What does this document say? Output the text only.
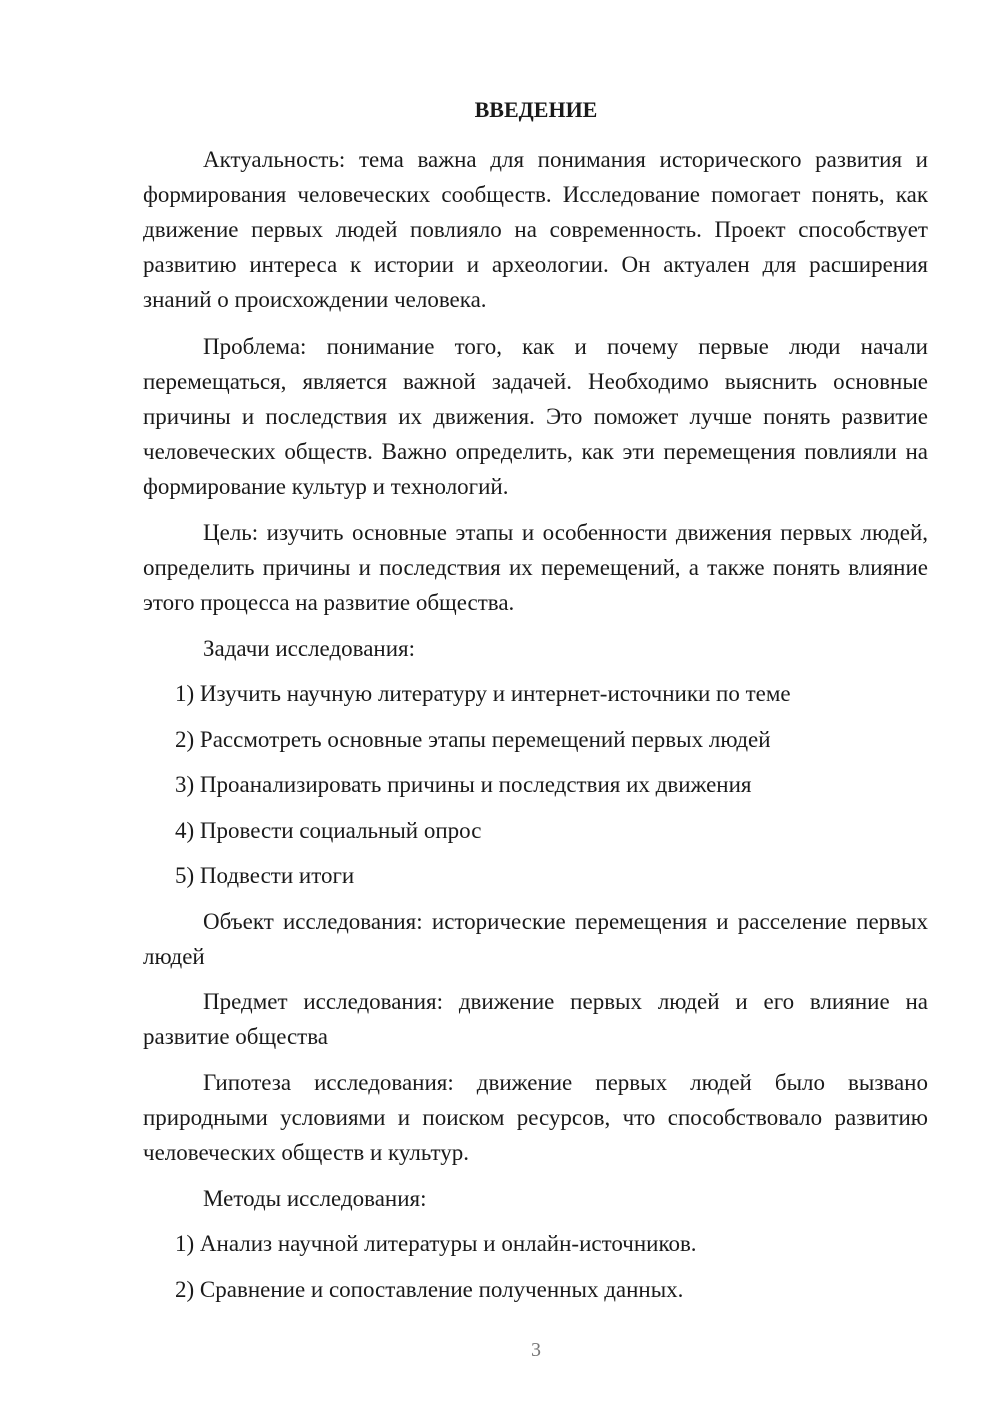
ВВЕДЕНИЕ

Актуальность: тема важна для понимания исторического развития и формирования человеческих сообществ. Исследование помогает понять, как движение первых людей повлияло на современность. Проект способствует развитию интереса к истории и археологии. Он актуален для расширения знаний о происхождении человека.

Проблема: понимание того, как и почему первые люди начали перемещаться, является важной задачей. Необходимо выяснить основные причины и последствия их движения. Это поможет лучше понять развитие человеческих обществ. Важно определить, как эти перемещения повлияли на формирование культур и технологий.

Цель: изучить основные этапы и особенности движения первых людей, определить причины и последствия их перемещений, а также понять влияние этого процесса на развитие общества.

Задачи исследования:

1) Изучить научную литературу и интернет-источники по теме

2) Рассмотреть основные этапы перемещений первых людей

3) Проанализировать причины и последствия их движения

4) Провести социальный опрос

5) Подвести итоги

Объект исследования: исторические перемещения и расселение первых людей

Предмет исследования: движение первых людей и его влияние на развитие общества

Гипотеза исследования: движение первых людей было вызвано природными условиями и поиском ресурсов, что способствовало развитию человеческих обществ и культур.

Методы исследования:

1) Анализ научной литературы и онлайн-источников.

2) Сравнение и сопоставление полученных данных.

3
